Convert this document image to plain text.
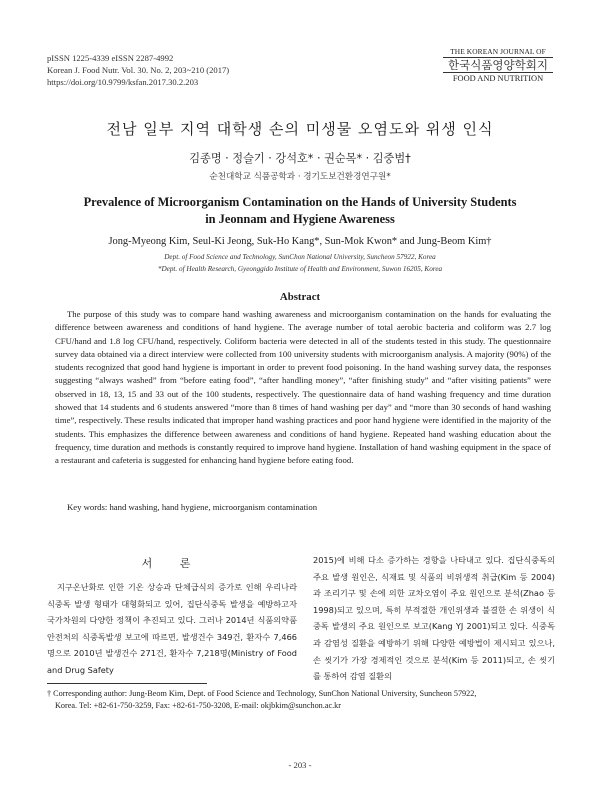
pISSN 1225-4339 eISSN 2287-4992
Korean J. Food Nutr. Vol. 30. No. 2, 203~210 (2017)
https://doi.org/10.9799/ksfan.2017.30.2.203
THE KOREAN JOURNAL OF
한국식품영양학회지
FOOD AND NUTRITION
전남 일부 지역 대학생 손의 미생물 오염도와 위생 인식
김종명 · 정슬기 · 강석호* · 권순목* · 김중범†
순천대학교 식품공학과 · 경기도보건환경연구원*
Prevalence of Microorganism Contamination on the Hands of University Students
in Jeonnam and Hygiene Awareness
Jong-Myeong Kim, Seul-Ki Jeong, Suk-Ho Kang*, Sun-Mok Kwon* and Jung-Beom Kim†
Dept. of Food Science and Technology, SunChon National University, Suncheon 57922, Korea
*Dept. of Health Research, Gyeonggido Institute of Health and Environment, Suwon 16205, Korea
Abstract
The purpose of this study was to compare hand washing awareness and microorganism contamination on the hands for evaluating the difference between awareness and conditions of hand hygiene. The average number of total aerobic bacteria and coliform was 2.7 log CFU/hand and 1.8 log CFU/hand, respectively. Coliform bacteria were detected in all of the students tested in this study. The questionnaire survey data obtained via a direct interview were collected from 100 university students with microorganism analysis. A majority (90%) of the students recognized that good hand hygiene is important in order to prevent food poisoning. In the hand washing survey data, the responses suggesting “always washed” from “before eating food”, “after handling money”, “after finishing study” and “after visiting patients” were observed in 18, 13, 15 and 33 out of the 100 students, respectively. The questionnaire data of hand washing frequency and time duration showed that 14 students and 6 students answered “more than 8 times of hand washing per day” and “more than 30 seconds of hand washing time”, respectively. These results indicated that improper hand washing practices and poor hand hygiene were identified in the majority of the students. This emphasizes the difference between awareness and conditions of hand hygiene. Repeated hand washing education about the frequency, time duration and methods is constantly required to improve hand hygiene. Installation of hand washing equipment in the space of a restaurant and cafeteria is suggested for enhancing hand hygiene before eating food.
Key words: hand washing, hand hygiene, microorganism contamination
서 론

지구온난화로 인한 기온 상승과 단체급식의 증가로 인해 우리나라 식중독 발생 형태가 대형화되고 있어, 집단식중독 발생을 예방하고자 국가차원의 다양한 정책이 추진되고 있다. 그러나 2014년 식품의약품안전처의 식중독발생 보고에 따르면, 발생건수 349건, 환자수 7,466명으로 2010년 발생건수 271건, 환자수 7,218명(Ministry of Food and Drug Safety

2015)에 비해 다소 증가하는 경향을 나타내고 있다. 집단식중독의 주요 발생 원인은, 식재료 및 식품의 비위생적 취급(Kim 등 2004)과 조리기구 및 손에 의한 교차오염이 주요 원인으로 분석(Zhao 등 1998)되고 있으며, 특히 부적절한 개인위생과 불결한 손 위생이 식중독 발생의 주요 원인으로 보고(Kang YJ 2001)되고 있다. 식중독과 감염성 질환을 예방하기 위해 다양한 예방법이 제시되고 있으나, 손 씻기가 가장 경제적인 것으로 분석(Kim 등 2011)되고, 손 씻기를 통하여 감염 질환의

† Corresponding author: Jung-Beom Kim, Dept. of Food Science and Technology, SunChon National University, Suncheon 57922,
Korea. Tel: +82-61-750-3259, Fax: +82-61-750-3208, E-mail: okjbkim@sunchon.ac.kr
- 203 -
